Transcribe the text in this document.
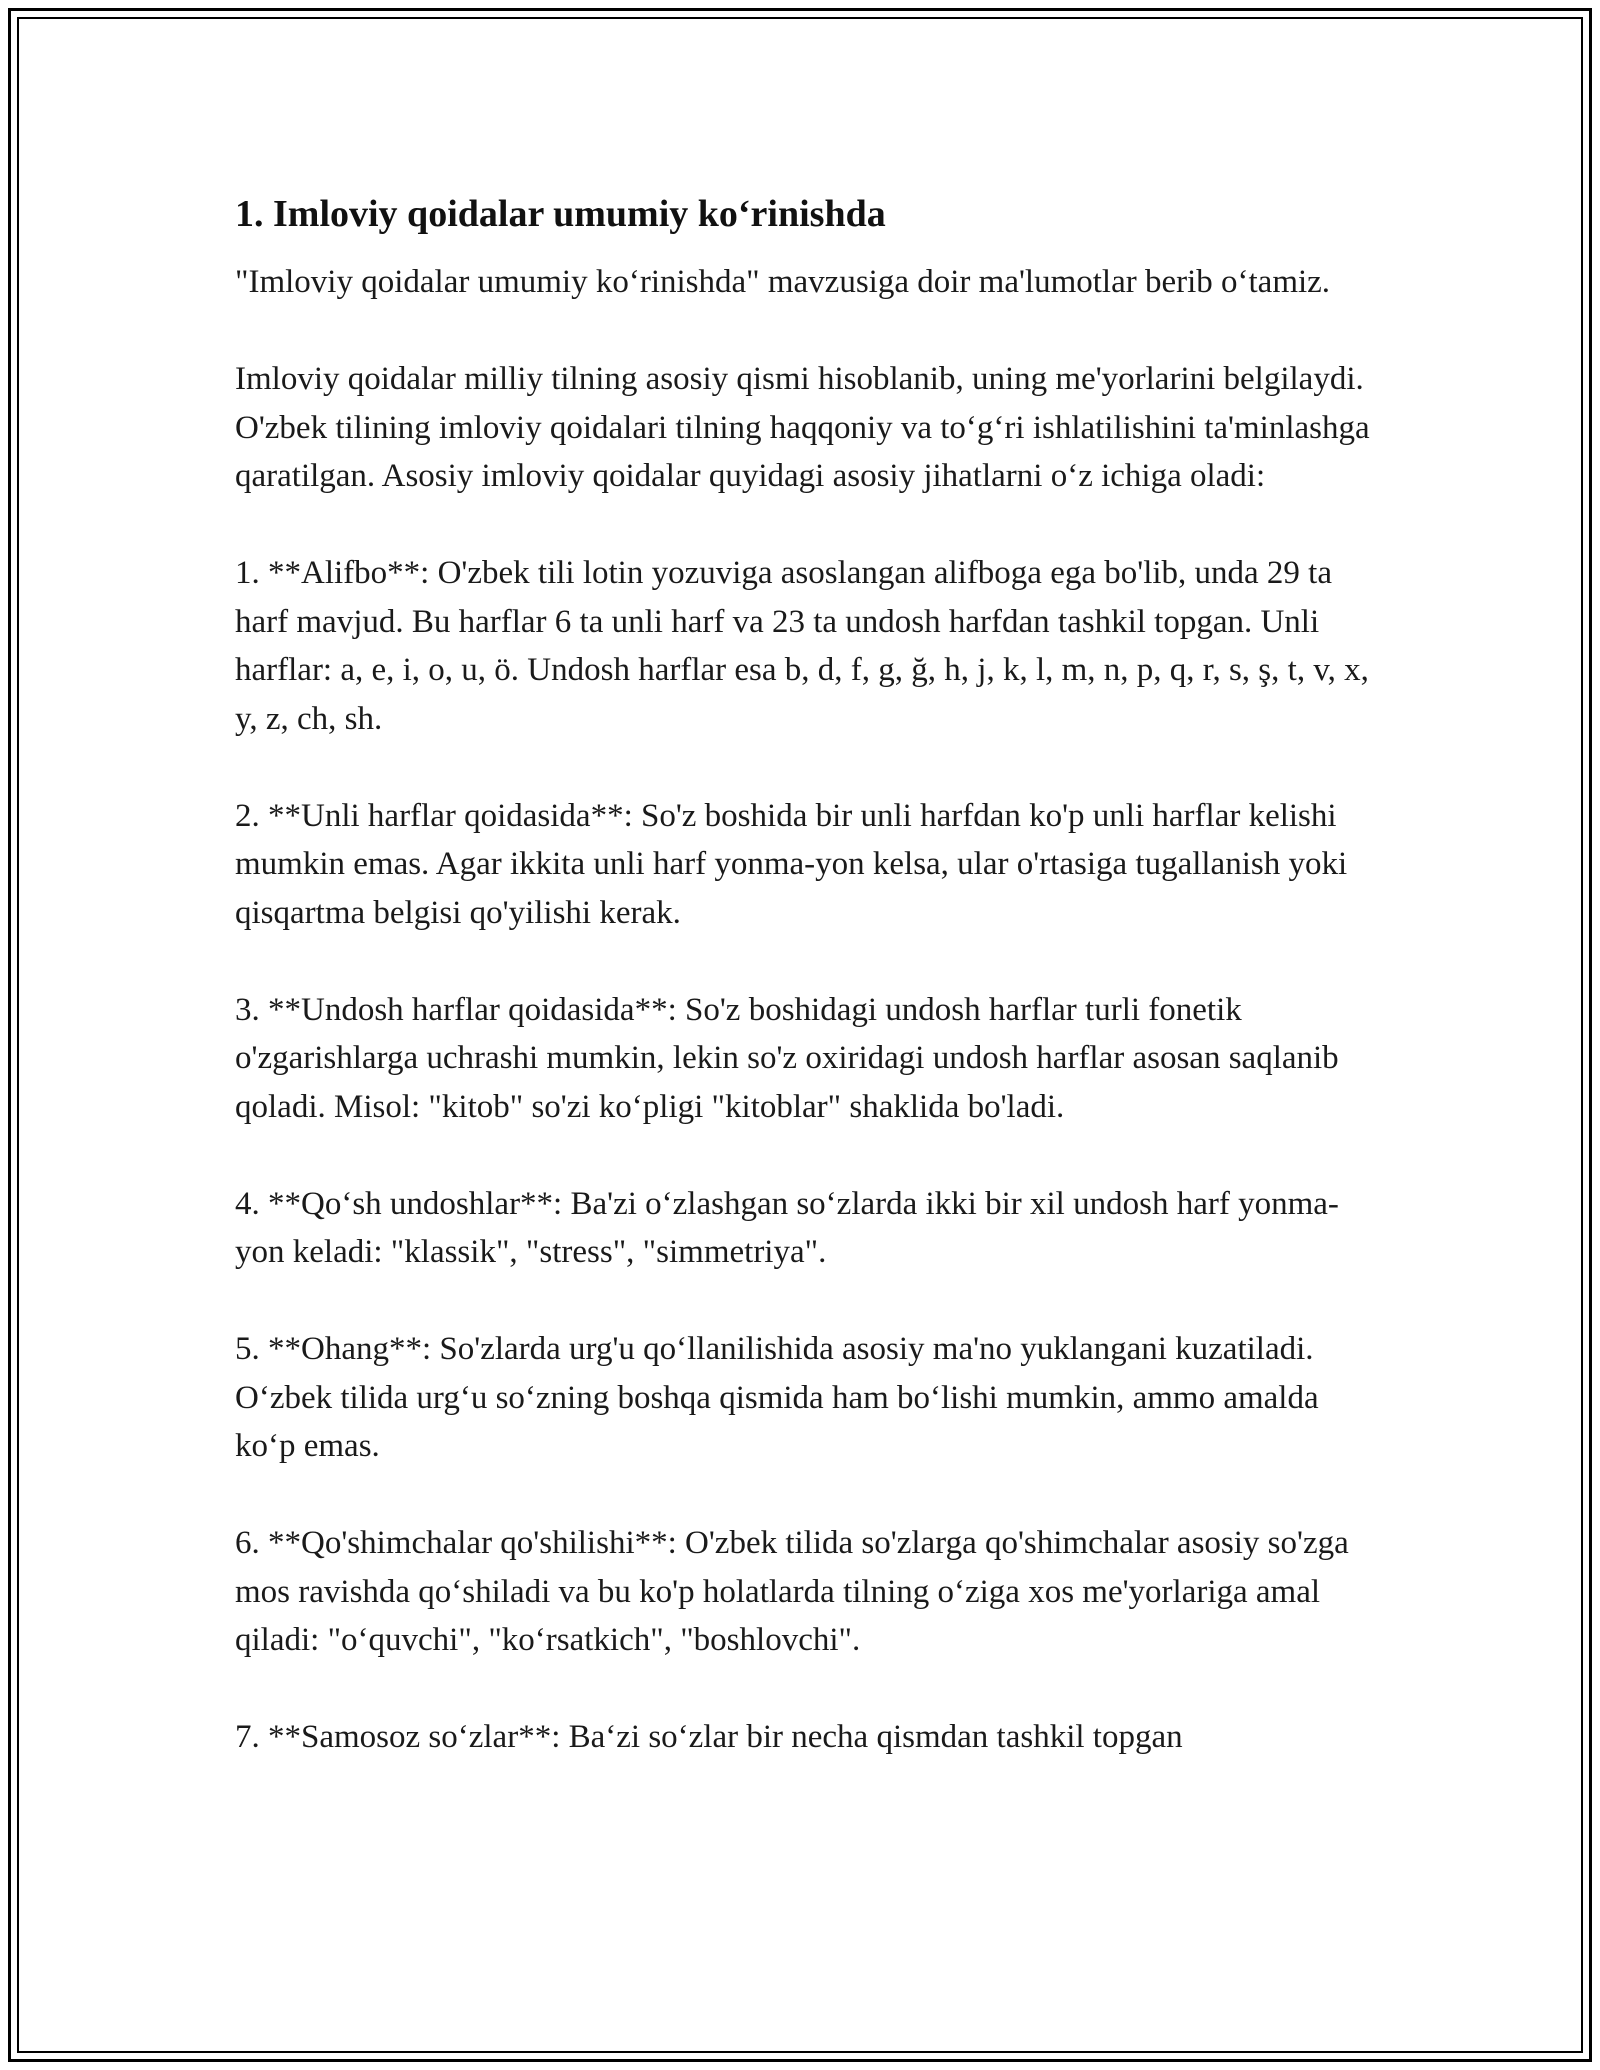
1. Imloviy qoidalar umumiy ko‘rinishda

"Imloviy qoidalar umumiy ko‘rinishda" mavzusiga doir ma'lumotlar berib o‘tamiz.

Imloviy qoidalar milliy tilning asosiy qismi hisoblanib, uning me'yorlarini belgilaydi. O'zbek tilining imloviy qoidalari tilning haqqoniy va to‘g‘ri ishlatilishini ta'minlashga qaratilgan. Asosiy imloviy qoidalar quyidagi asosiy jihatlarni o‘z ichiga oladi:

1. **Alifbo**: O'zbek tili lotin yozuviga asoslangan alifboga ega bo'lib, unda 29 ta harf mavjud. Bu harflar 6 ta unli harf va 23 ta undosh harfdan tashkil topgan. Unli harflar: a, e, i, o, u, ö. Undosh harflar esa b, d, f, g, ğ, h, j, k, l, m, n, p, q, r, s, ş, t, v, x, y, z, ch, sh.

2. **Unli harflar qoidasida**: So'z boshida bir unli harfdan ko'p unli harflar kelishi mumkin emas. Agar ikkita unli harf yonma-yon kelsa, ular o'rtasiga tugallanish yoki qisqartma belgisi qo'yilishi kerak.

3. **Undosh harflar qoidasida**: So'z boshidagi undosh harflar turli fonetik o'zgarishlarga uchrashi mumkin, lekin so'z oxiridagi undosh harflar asosan saqlanib qoladi. Misol: "kitob" so'zi ko‘pligi "kitoblar" shaklida bo'ladi.

4. **Qo‘sh undoshlar**: Ba'zi o‘zlashgan so‘zlarda ikki bir xil undosh harf yonma-yon keladi: "klassik", "stress", "simmetriya".

5. **Ohang**: So'zlarda urg'u qo‘llanilishida asosiy ma'no yuklangani kuzatiladi. O‘zbek tilida urg‘u so‘zning boshqa qismida ham bo‘lishi mumkin, ammo amalda ko‘p emas.

6. **Qo'shimchalar qo'shilishi**: O'zbek tilida so'zlarga qo'shimchalar asosiy so'zga mos ravishda qo‘shiladi va bu ko'p holatlarda tilning o‘ziga xos me'yorlariga amal qiladi: "o‘quvchi", "ko‘rsatkich", "boshlovchi".

7. **Samosoz so‘zlar**: Ba‘zi so‘zlar bir necha qismdan tashkil topgan
